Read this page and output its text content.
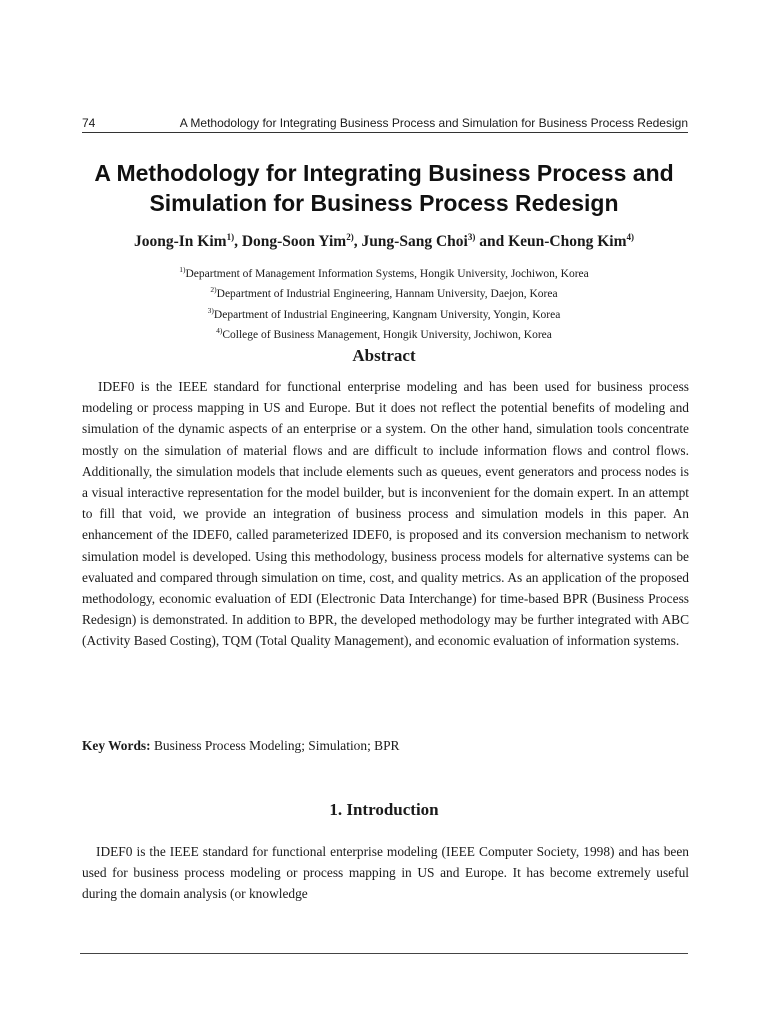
74	A Methodology for Integrating Business Process and Simulation for Business Process Redesign
A Methodology for Integrating Business Process and
Simulation for Business Process Redesign
Joong-In Kim$^{1)}$, Dong-Soon Yim$^{2)}$, Jung-Sang Choi$^{3)}$ and Keun-Chong Kim$^{4)}$
$^{1)}$Department of Management Information Systems, Hongik University, Jochiwon, Korea
$^{2)}$Department of Industrial Engineering, Hannam University, Daejon, Korea
$^{3)}$Department of Industrial Engineering, Kangnam University, Yongin, Korea
$^{4)}$College of Business Management, Hongik University, Jochiwon, Korea
Abstract

IDEF0 is the IEEE standard for functional enterprise modeling and has been used for business process modeling or process mapping in US and Europe. But it does not reflect the potential benefits of modeling and simulation of the dynamic aspects of an enterprise or a system. On the other hand, simulation tools concentrate mostly on the simulation of material flows and are difficult to include information flows and control flows. Additionally, the simulation models that include elements such as queues, event generators and process nodes is a visual interactive representation for the model builder, but is inconvenient for the domain expert. In an attempt to fill that void, we provide an integration of business process and simulation models in this paper. An enhancement of the IDEF0, called parameterized IDEF0, is proposed and its conversion mechanism to network simulation model is developed. Using this methodology, business process models for alternative systems can be evaluated and compared through simulation on time, cost, and quality metrics. As an application of the proposed methodology, economic evaluation of EDI (Electronic Data Interchange) for time-based BPR (Business Process Redesign) is demonstrated. In addition to BPR, the developed methodology may be further integrated with ABC (Activity Based Costing), TQM (Total Quality Management), and economic evaluation of information systems.

Key Words: Business Process Modeling; Simulation; BPR
1. Introduction

IDEF0 is the IEEE standard for functional enterprise modeling (IEEE Computer Society, 1998) and has been used for business process modeling or process mapping in US and Europe. It has become extremely useful during the domain analysis (or knowledge
